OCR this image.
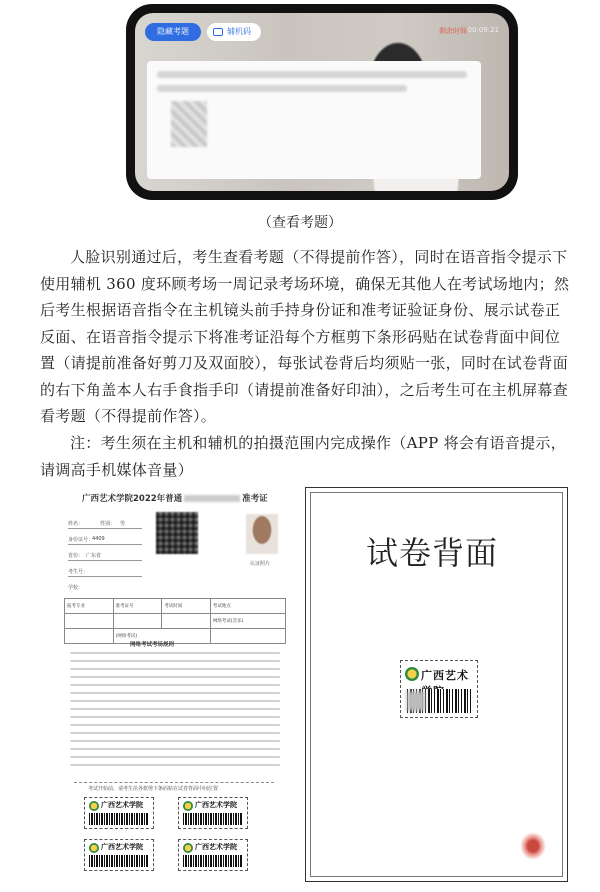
隐藏考题	辅机码	剩余时间 00:09:21
（查看考题）

人脸识别通过后，考生查看考题（不得提前作答），同时在语音指令提示下使用辅机 360 度环顾考场一周记录考场环境，确保无其他人在考试场地内；然后考生根据语音指令在主机镜头前手持身份证和准考证验证身份、展示试卷正反面、在语音指令提示下将准考证沿每个方框剪下条形码贴在试卷背面中间位置（请提前准备好剪刀及双面胶），每张试卷背后均须贴一张，同时在试卷背面的右下角盖本人右手食指手印（请提前准备好印油），之后考生可在主机屏幕查看考题（不得提前作答）。

注：考生须在主机和辅机的拍摄范围内完成操作（APP 将会有语音提示，请调高手机媒体音量）

广西艺术学院2022年普通	准考证
姓名：	性别： 男
身份证号：
4409
省份： 广东省
考生号：
学校：
认证照片
报考专业	准考证号	考试时间	考试地点
			网络考试(音乐)
	(网络考试)		
网络考试考场规则
考试开始前，请考生沿各框剪下条码贴在试卷背面中间位置
广西艺术学院	广西艺术学院
广西艺术学院	广西艺术学院
试卷背面
广西艺术学院
